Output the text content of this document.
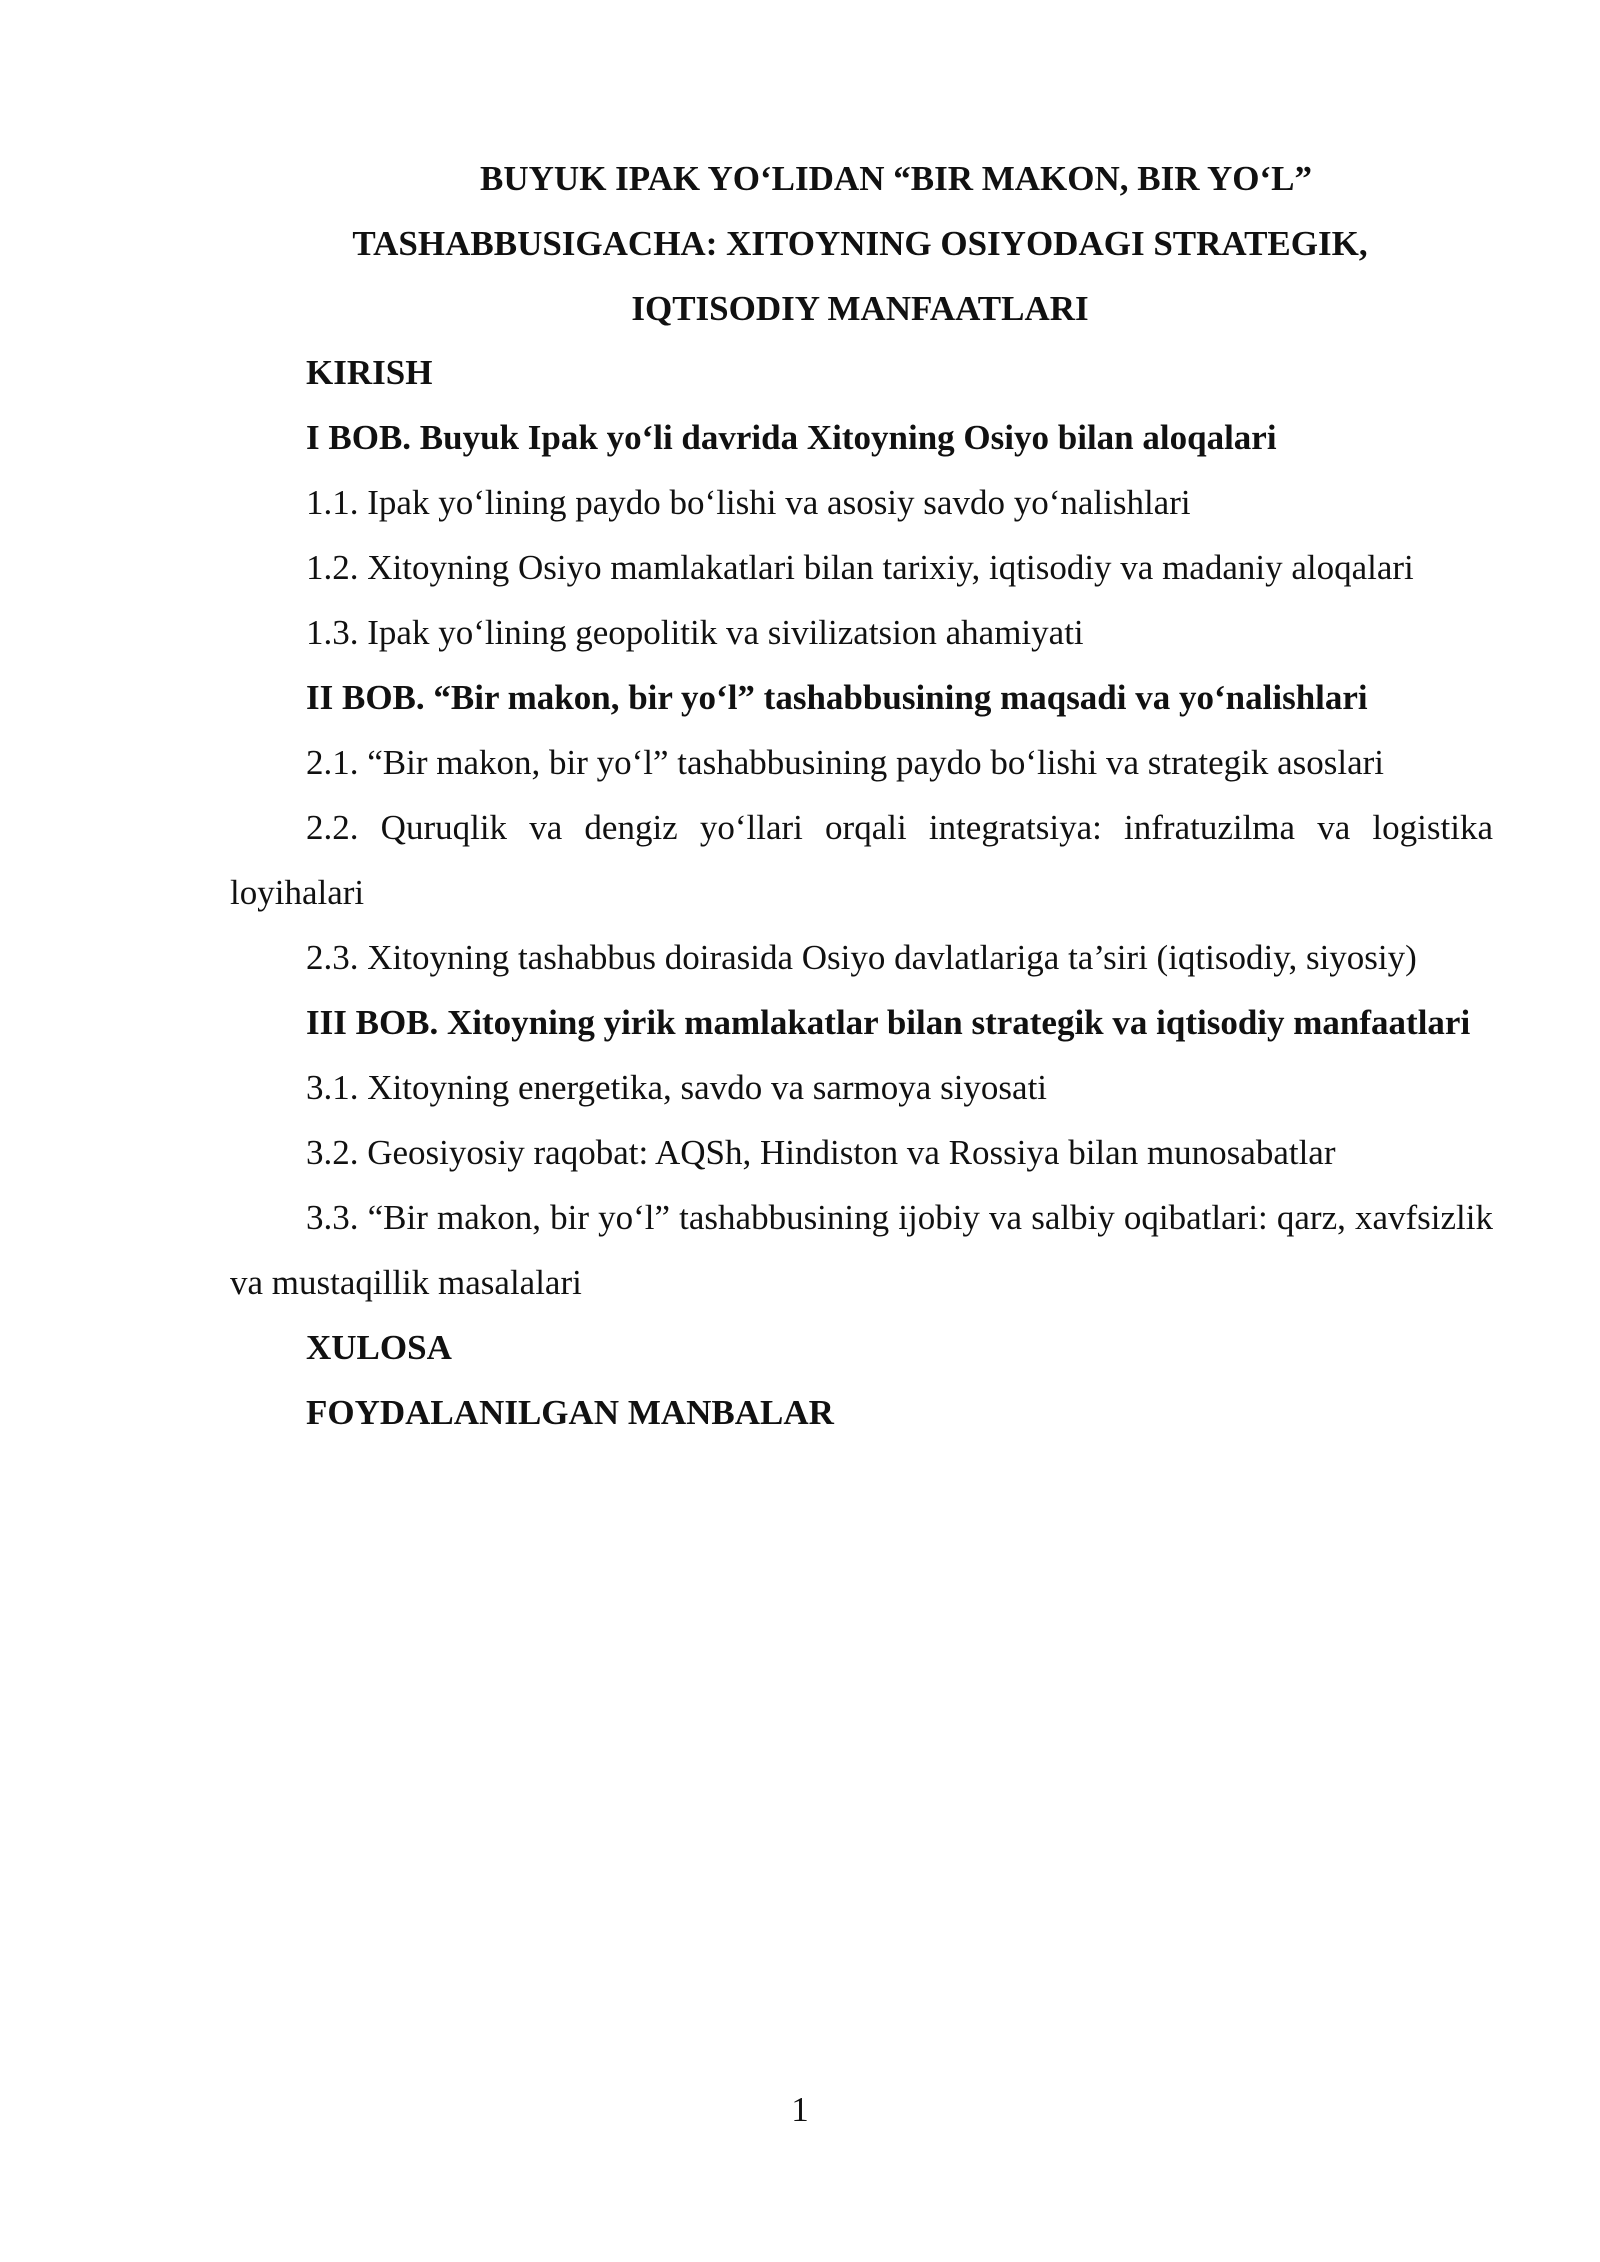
BUYUK IPAK YO‘LIDAN “BIR MAKON, BIR YO‘L”
TASHABBUSIGACHA: XITOYNING OSIYODAGI STRATEGIK,
IQTISODIY MANFAATLARI

KIRISH

I BOB. Buyuk Ipak yo‘li davrida Xitoyning Osiyo bilan aloqalari

1.1. Ipak yo‘lining paydo bo‘lishi va asosiy savdo yo‘nalishlari

1.2. Xitoyning Osiyo mamlakatlari bilan tarixiy, iqtisodiy va madaniy aloqalari

1.3. Ipak yo‘lining geopolitik va sivilizatsion ahamiyati

II BOB. “Bir makon, bir yo‘l” tashabbusining maqsadi va yo‘nalishlari

2.1. “Bir makon, bir yo‘l” tashabbusining paydo bo‘lishi va strategik asoslari

2.2. Quruqlik va dengiz yo‘llari orqali integratsiya: infratuzilma va logistika loyihalari

2.3. Xitoyning tashabbus doirasida Osiyo davlatlariga ta’siri (iqtisodiy, siyosiy)

III BOB. Xitoyning yirik mamlakatlar bilan strategik va iqtisodiy manfaatlari

3.1. Xitoyning energetika, savdo va sarmoya siyosati

3.2. Geosiyosiy raqobat: AQSh, Hindiston va Rossiya bilan munosabatlar

3.3. “Bir makon, bir yo‘l” tashabbusining ijobiy va salbiy oqibatlari: qarz, xavfsizlik va mustaqillik masalalari

XULOSA

FOYDALANILGAN MANBALAR

1
